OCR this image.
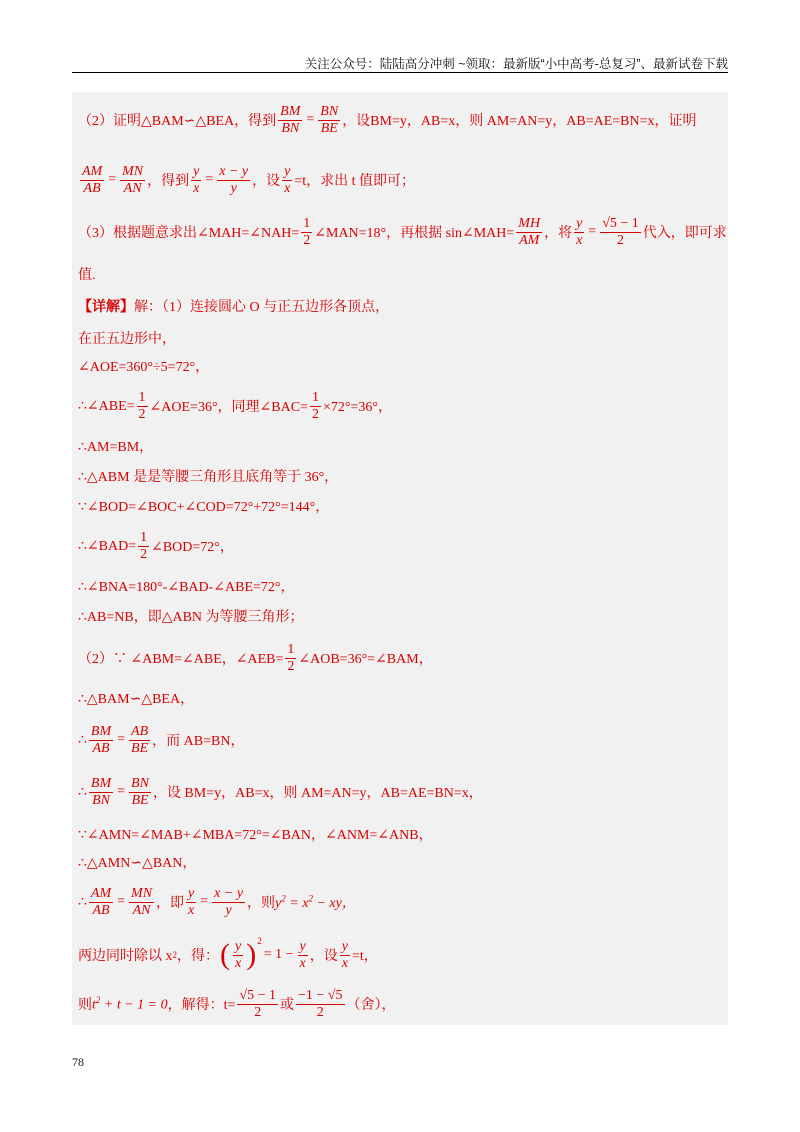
关注公众号：陆陆高分冲刺 ~领取：最新版“小中高考-总复习”、最新试卷下载
（2）证明△BAM∽△BEA，得到 $\frac{BM}{BN} = \frac{BN}{BE}$ ，设BM=y，AB=x，则 AM=AN=y，AB=AE=BN=x，证明
$\frac{AM}{AB} = \frac{MN}{AN}$ ，得到 $\frac{y}{x} = \frac{x - y}{y}$ ，设 $\frac{y}{x} =t$，求出 t 值即可；
（3）根据题意求出∠MAH=∠NAH= $\frac{1}{2}$ ∠MAN=18°，再根据 sin∠MAH= $\frac{MH}{AM}$ ，将 $\frac{y}{x} = \frac{√5 - 1}{2}$ 代入，即可求
值.
【详解】 解：（1）连接圆心 O 与正五边形各顶点，
在正五边形中，
∠AOE=360°÷5=72°，
∴∠ABE= $\frac{1}{2}$ ∠AOE=36°，同理∠BAC= $\frac{1}{2} \times 72^\circ=36^\circ$，
∴AM=BM，
∴△ABM 是是等腰三角形且底角等于 36°，
∵∠BOD=∠BOC+∠COD=72°+72°=144°，
∴∠BAD= $\frac{1}{2}$ ∠BOD=72°，
∴∠BNA=180°-∠BAD-∠ABE=72°，
∴AB=NB，即△ABN 为等腰三角形；
（2）∵ ∠ABM=∠ABE，∠AEB= $\frac{1}{2}$ ∠AOB=36°=∠BAM，
∴△BAM∽△BEA，
∴ $\frac{BM}{AB} = \frac{AB}{BE}$ ，而 AB=BN，
∴ $\frac{BM}{BN} = \frac{BN}{BE}$ ，设 BM=y，AB=x，则 AM=AN=y，AB=AE=BN=x，
∵∠AMN=∠MAB+∠MBA=72°=∠BAN，∠ANM=∠ANB，
∴△AMN∽△BAN，
∴ $\frac{AM}{AB} = \frac{MN}{AN}$ ，即 $\frac{y}{x} = \frac{x - y}{y}$ ，则 $y^2 = x^2$ − xy，
两边同时除以 x 2 ，得： ( $\frac{y}{x} )^2$
= $1 - \frac{y}{x}$ ，设 $\frac{y}{x} =t$，
则 $t^2 + t - 1 = 0$ ，解得：$t= \frac{√5 - 1}{2}$ 或 $\frac{-1 - √5}{2}$ （舍），
78
